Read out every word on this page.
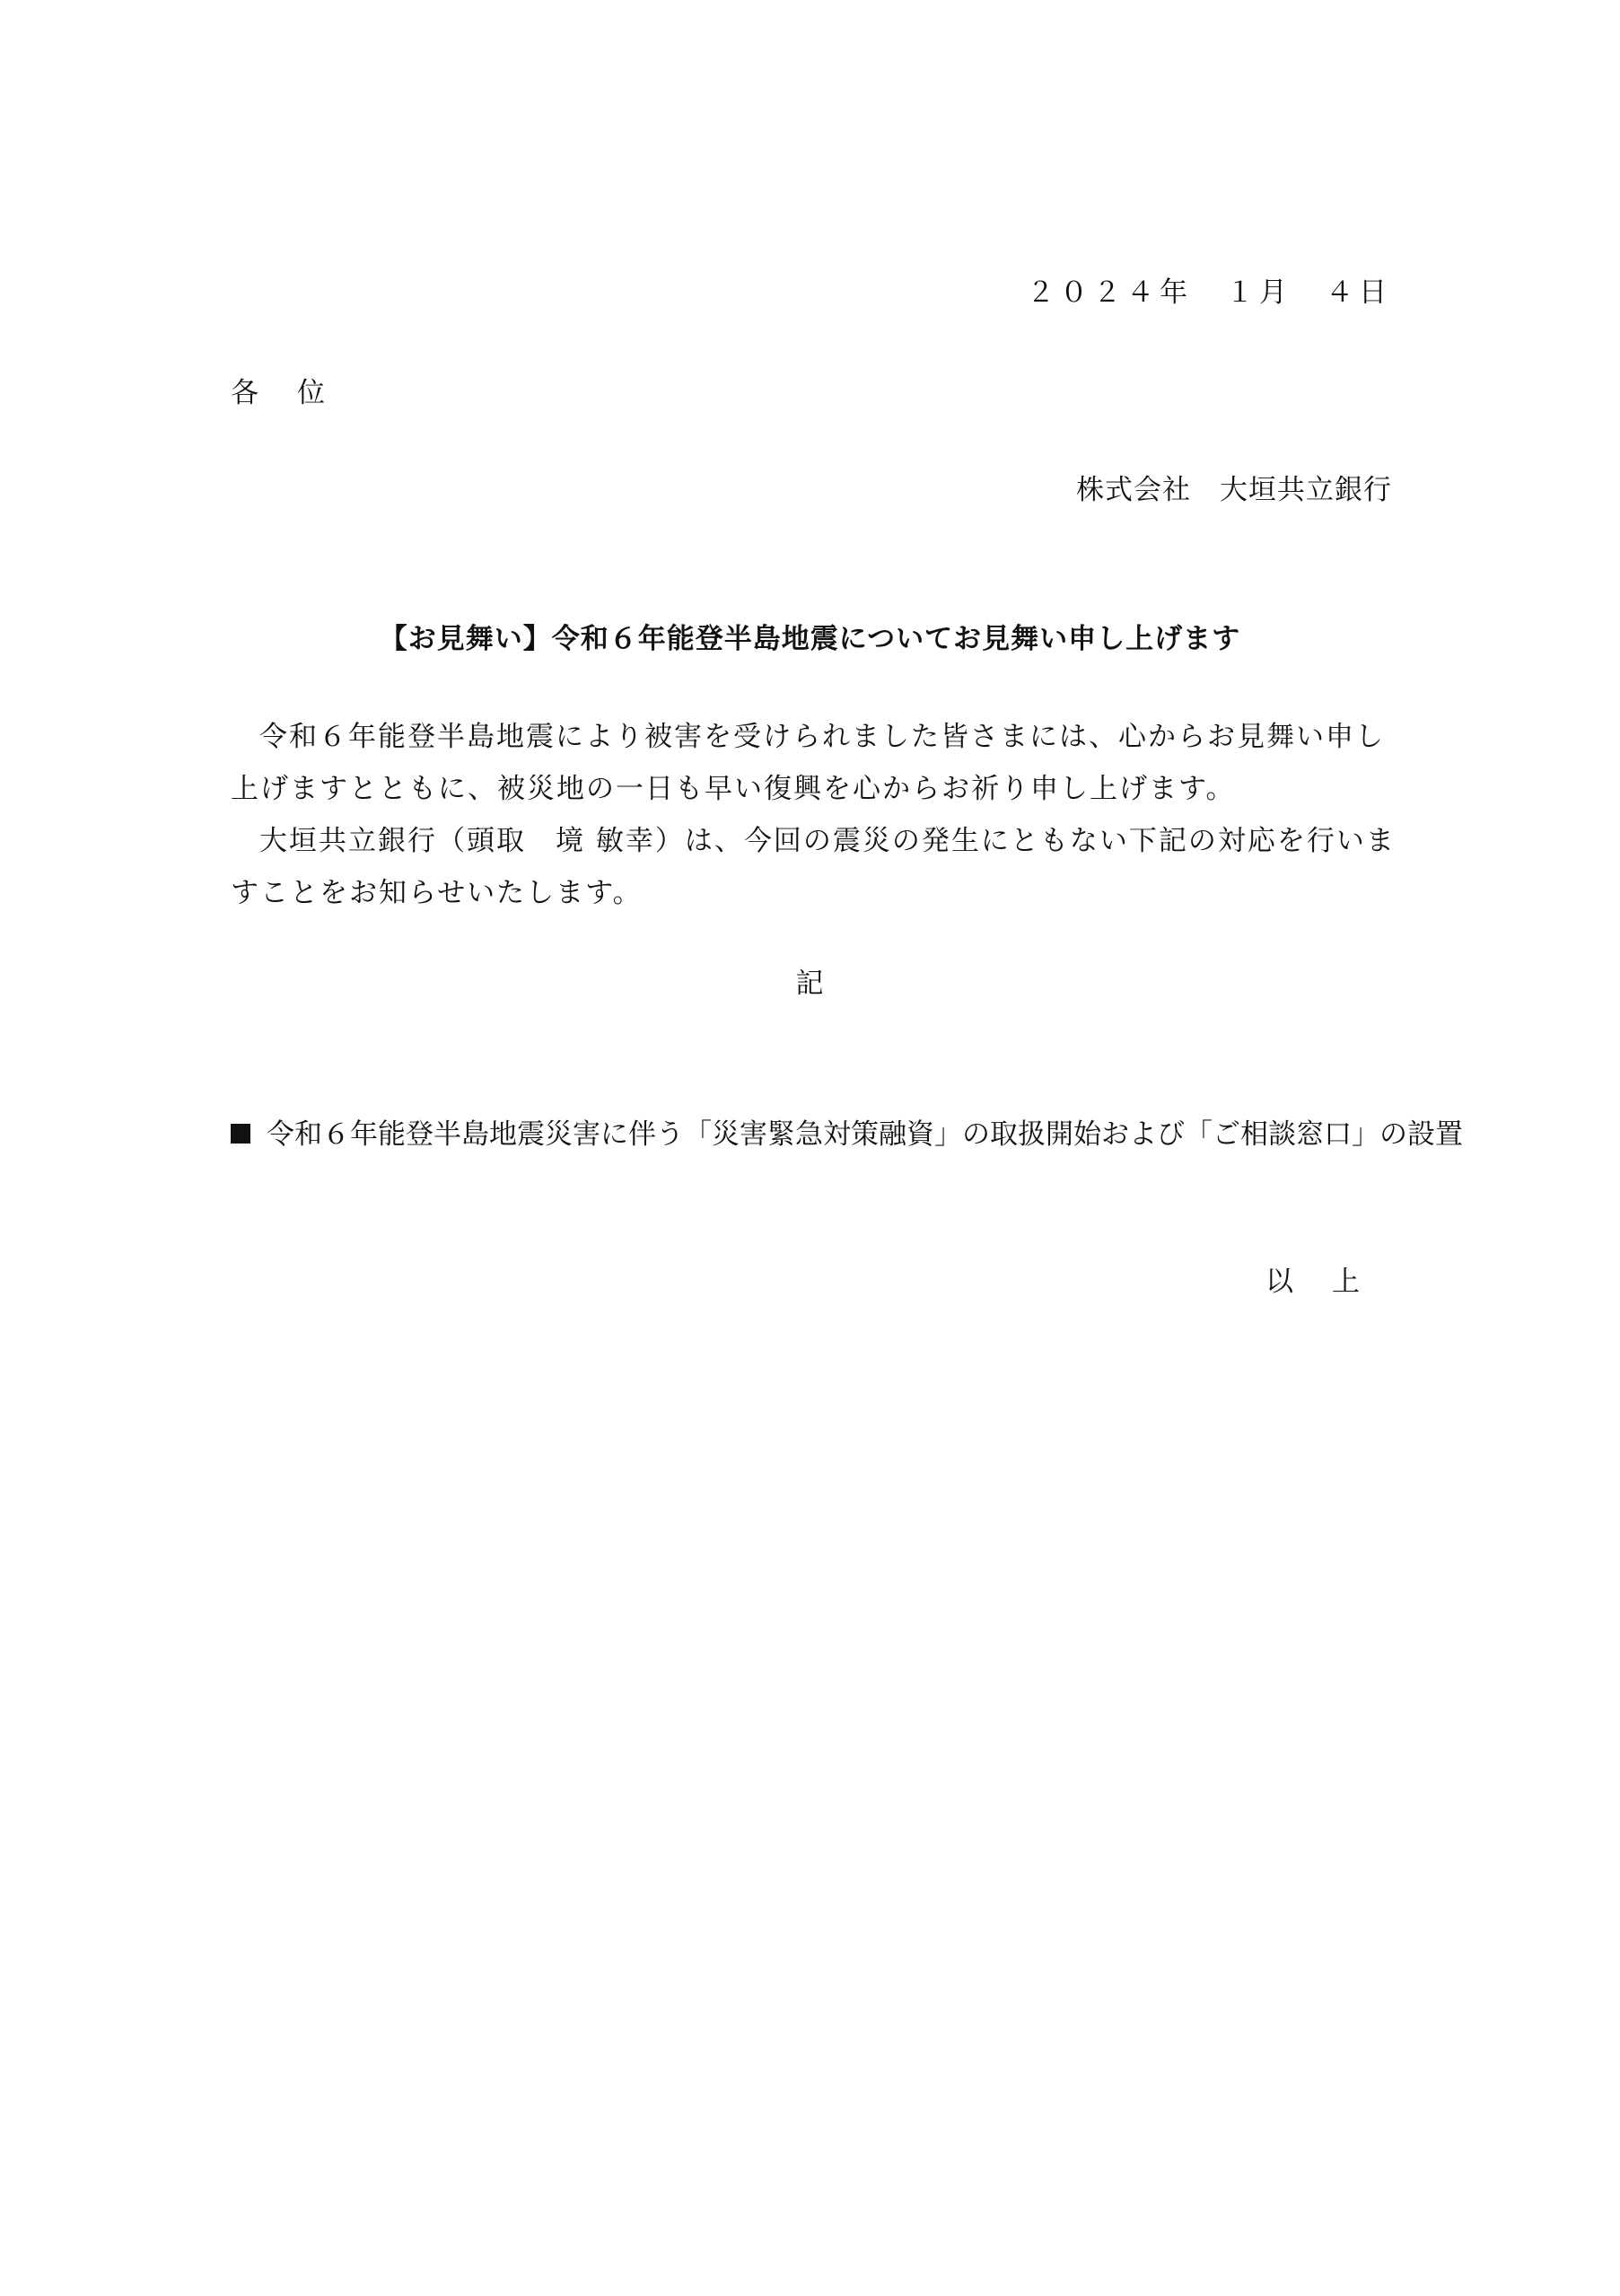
２０２４年　１月　４日
各　位
株式会社　大垣共立銀行
【お見舞い】令和６年能登半島地震についてお見舞い申し上げます
令和６年能登半島地震により被害を受けられました皆さまには、心からお見舞い申し上げますとともに、被災地の一日も早い復興を心からお祈り申し上げます。
大垣共立銀行（頭取　境 敏幸）は、今回の震災の発生にともない下記の対応を行いますことをお知らせいたします。
記
令和６年能登半島地震災害に伴う「災害緊急対策融資」の取扱開始および「ご相談窓口」の設置
以　上
